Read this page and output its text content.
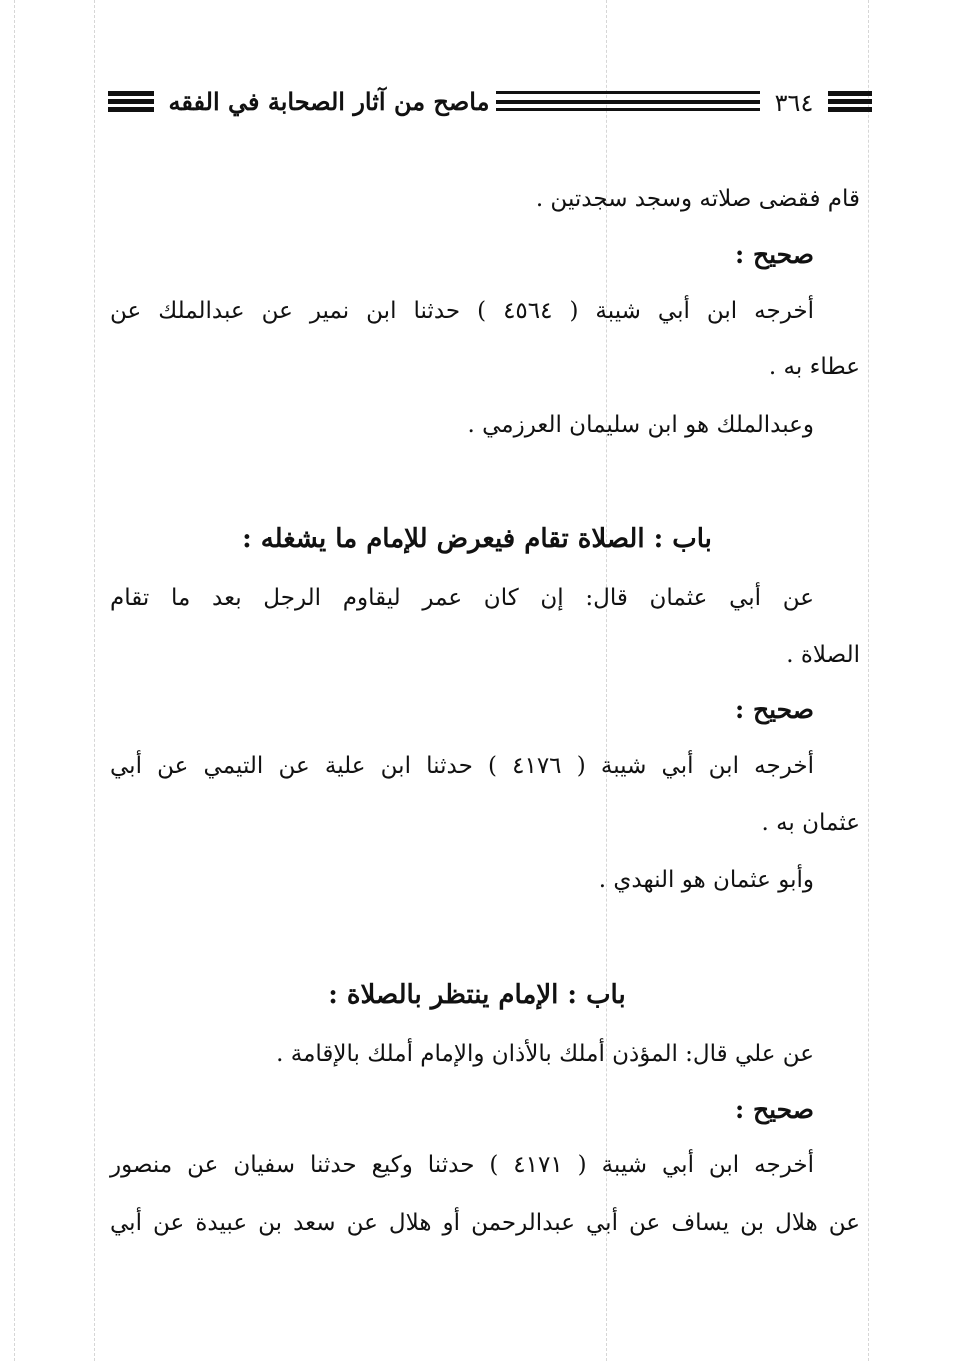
ماصح من آثار الصحابة في الفقه	٣٦٤
قام فقضى صلاته وسجد سجدتين .
صحيح :
أخرجه ابن أبي شيبة ( ٤٥٦٤ ) حدثنا ابن نمير عن عبدالملك عن
عطاء به .
وعبدالملك هو ابن سليمان العرزمي .
باب : الصلاة تقام فيعرض للإمام ما يشغله :
عن أبي عثمان قال: إن كان عمر ليقاوم الرجل بعد ما تقام
الصلاة .
صحيح :
أخرجه ابن أبي شيبة ( ٤١٧٦ ) حدثنا ابن علية عن التيمي عن أبي
عثمان به .
وأبو عثمان هو النهدي .
باب : الإمام ينتظر بالصلاة :
عن علي قال: المؤذن أملك بالأذان والإمام أملك بالإقامة .
صحيح :
أخرجه ابن أبي شيبة ( ٤١٧١ ) حدثنا وكيع حدثنا سفيان عن منصور
عن هلال بن يساف عن أبي عبدالرحمن أو هلال عن سعد بن عبيدة عن أبي
